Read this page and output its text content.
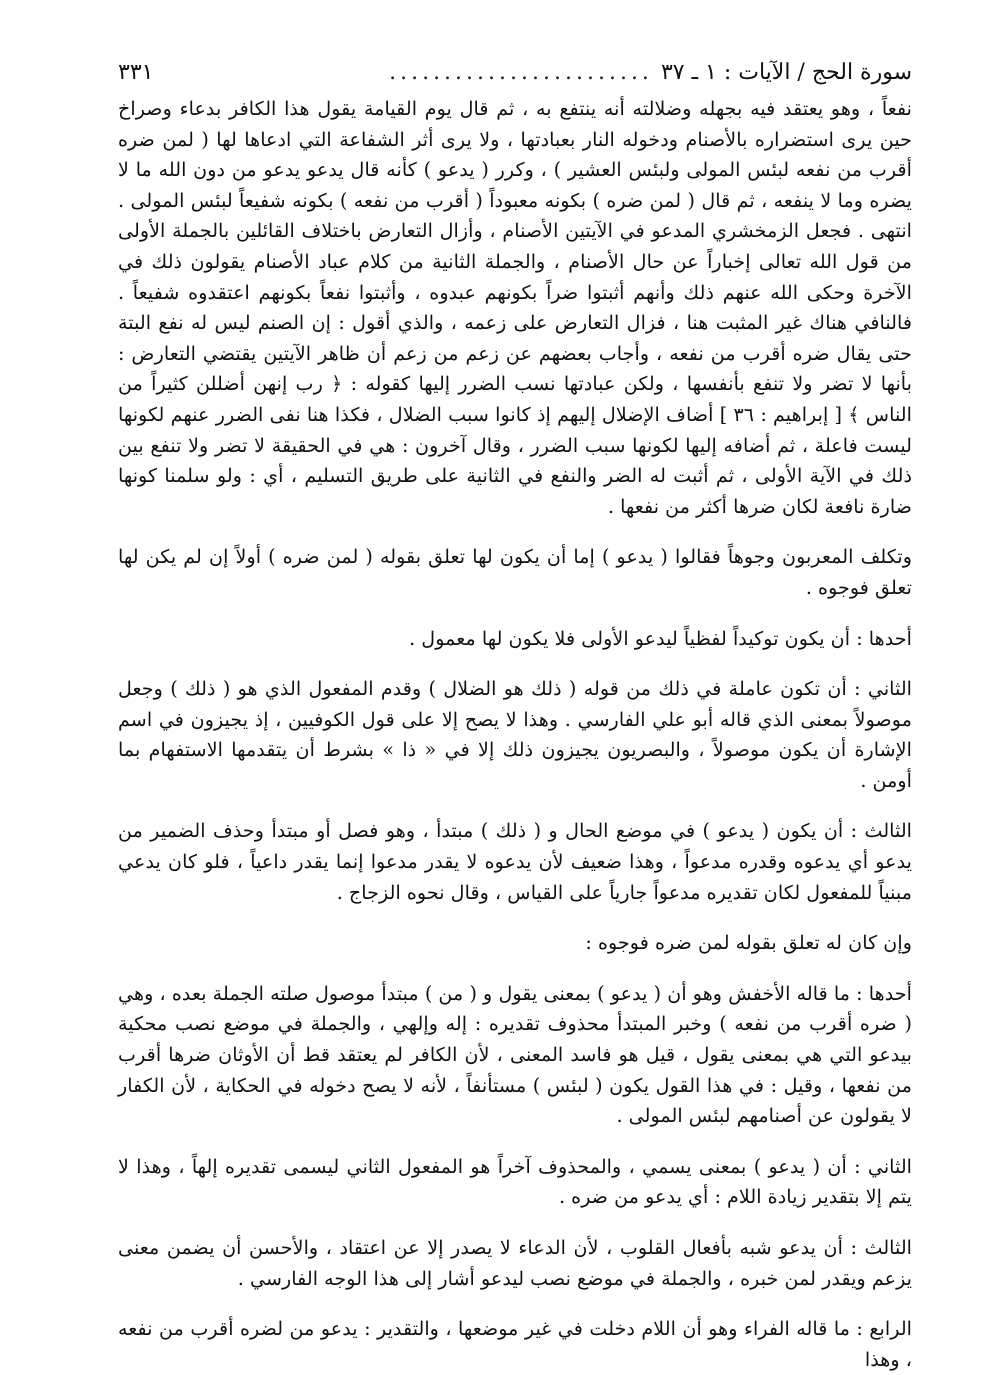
سورة الحج / الآيات : ١ ـ ٣٧
........................
٣٣١

نفعاً ، وهو يعتقد فيه بجهله وضلالته أنه ينتفع به ، ثم قال يوم القيامة يقول هذا الكافر بدعاء وصراخ حين يرى استضراره بالأصنام ودخوله النار بعبادتها ، ولا يرى أثر الشفاعة التي ادعاها لها ( لمن ضره أقرب من نفعه لبئس المولى ولبئس العشير ) ، وكرر ( يدعو ) كأنه قال يدعو يدعو من دون الله ما لا يضره وما لا ينفعه ، ثم قال ( لمن ضره ) بكونه معبوداً ( أقرب من نفعه ) بكونه شفيعاً لبئس المولى . انتهى . فجعل الزمخشري المدعو في الآيتين الأصنام ، وأزال التعارض باختلاف القائلين بالجملة الأولى من قول الله تعالى إخباراً عن حال الأصنام ، والجملة الثانية من كلام عباد الأصنام يقولون ذلك في الآخرة وحكى الله عنهم ذلك وأنهم أثبتوا ضراً بكونهم عبدوه ، وأثبتوا نفعاً بكونهم اعتقدوه شفيعاً . فالنافي هناك غير المثبت هنا ، فزال التعارض على زعمه ، والذي أقول : إن الصنم ليس له نفع البتة حتى يقال ضره أقرب من نفعه ، وأجاب بعضهم عن زعم من زعم أن ظاهر الآيتين يقتضي التعارض : بأنها لا تضر ولا تنفع بأنفسها ، ولكن عبادتها نسب الضرر إليها كقوله : ﴿ رب إنهن أضللن كثيراً من الناس ﴾ [ إبراهيم : ٣٦ ] أضاف الإضلال إليهم إذ كانوا سبب الضلال ، فكذا هنا نفى الضرر عنهم لكونها ليست فاعلة ، ثم أضافه إليها لكونها سبب الضرر ، وقال آخرون : هي في الحقيقة لا تضر ولا تنفع بين ذلك في الآية الأولى ، ثم أثبت له الضر والنفع في الثانية على طريق التسليم ، أي : ولو سلمنا كونها ضارة نافعة لكان ضرها أكثر من نفعها .

وتكلف المعربون وجوهاً فقالوا ( يدعو ) إما أن يكون لها تعلق بقوله ( لمن ضره ) أولاً إن لم يكن لها تعلق فوجوه .

أحدها : أن يكون توكيداً لفظياً ليدعو الأولى فلا يكون لها معمول .

الثاني : أن تكون عاملة في ذلك من قوله ( ذلك هو الضلال ) وقدم المفعول الذي هو ( ذلك ) وجعل موصولاً بمعنى الذي قاله أبو علي الفارسي . وهذا لا يصح إلا على قول الكوفيين ، إذ يجيزون في اسم الإشارة أن يكون موصولاً ، والبصريون يجيزون ذلك إلا في « ذا » بشرط أن يتقدمها الاستفهام بما أومن .

الثالث : أن يكون ( يدعو ) في موضع الحال و ( ذلك ) مبتدأ ، وهو فصل أو مبتدأ وحذف الضمير من يدعو أي يدعوه وقدره مدعواً ، وهذا ضعيف لأن يدعوه لا يقدر مدعوا إنما يقدر داعياً ، فلو كان يدعي مبنياً للمفعول لكان تقديره مدعواً جارياً على القياس ، وقال نحوه الزجاج .

وإن كان له تعلق بقوله لمن ضره فوجوه :

أحدها : ما قاله الأخفش وهو أن ( يدعو ) بمعنى يقول و ( من ) مبتدأ موصول صلته الجملة بعده ، وهي ( ضره أقرب من نفعه ) وخبر المبتدأ محذوف تقديره : إله وإلهي ، والجملة في موضع نصب محكية بيدعو التي هي بمعنى يقول ، قيل هو فاسد المعنى ، لأن الكافر لم يعتقد قط أن الأوثان ضرها أقرب من نفعها ، وقيل : في هذا القول يكون ( لبئس ) مستأنفاً ، لأنه لا يصح دخوله في الحكاية ، لأن الكفار لا يقولون عن أصنامهم لبئس المولى .

الثاني : أن ( يدعو ) بمعنى يسمي ، والمحذوف آخراً هو المفعول الثاني ليسمى تقديره إلهاً ، وهذا لا يتم إلا بتقدير زيادة اللام : أي يدعو من ضره .

الثالث : أن يدعو شبه بأفعال القلوب ، لأن الدعاء لا يصدر إلا عن اعتقاد ، والأحسن أن يضمن معنى يزعم ويقدر لمن خبره ، والجملة في موضع نصب ليدعو أشار إلى هذا الوجه الفارسي .

الرابع : ما قاله الفراء وهو أن اللام دخلت في غير موضعها ، والتقدير : يدعو من لضره أقرب من نفعه ، وهذا
